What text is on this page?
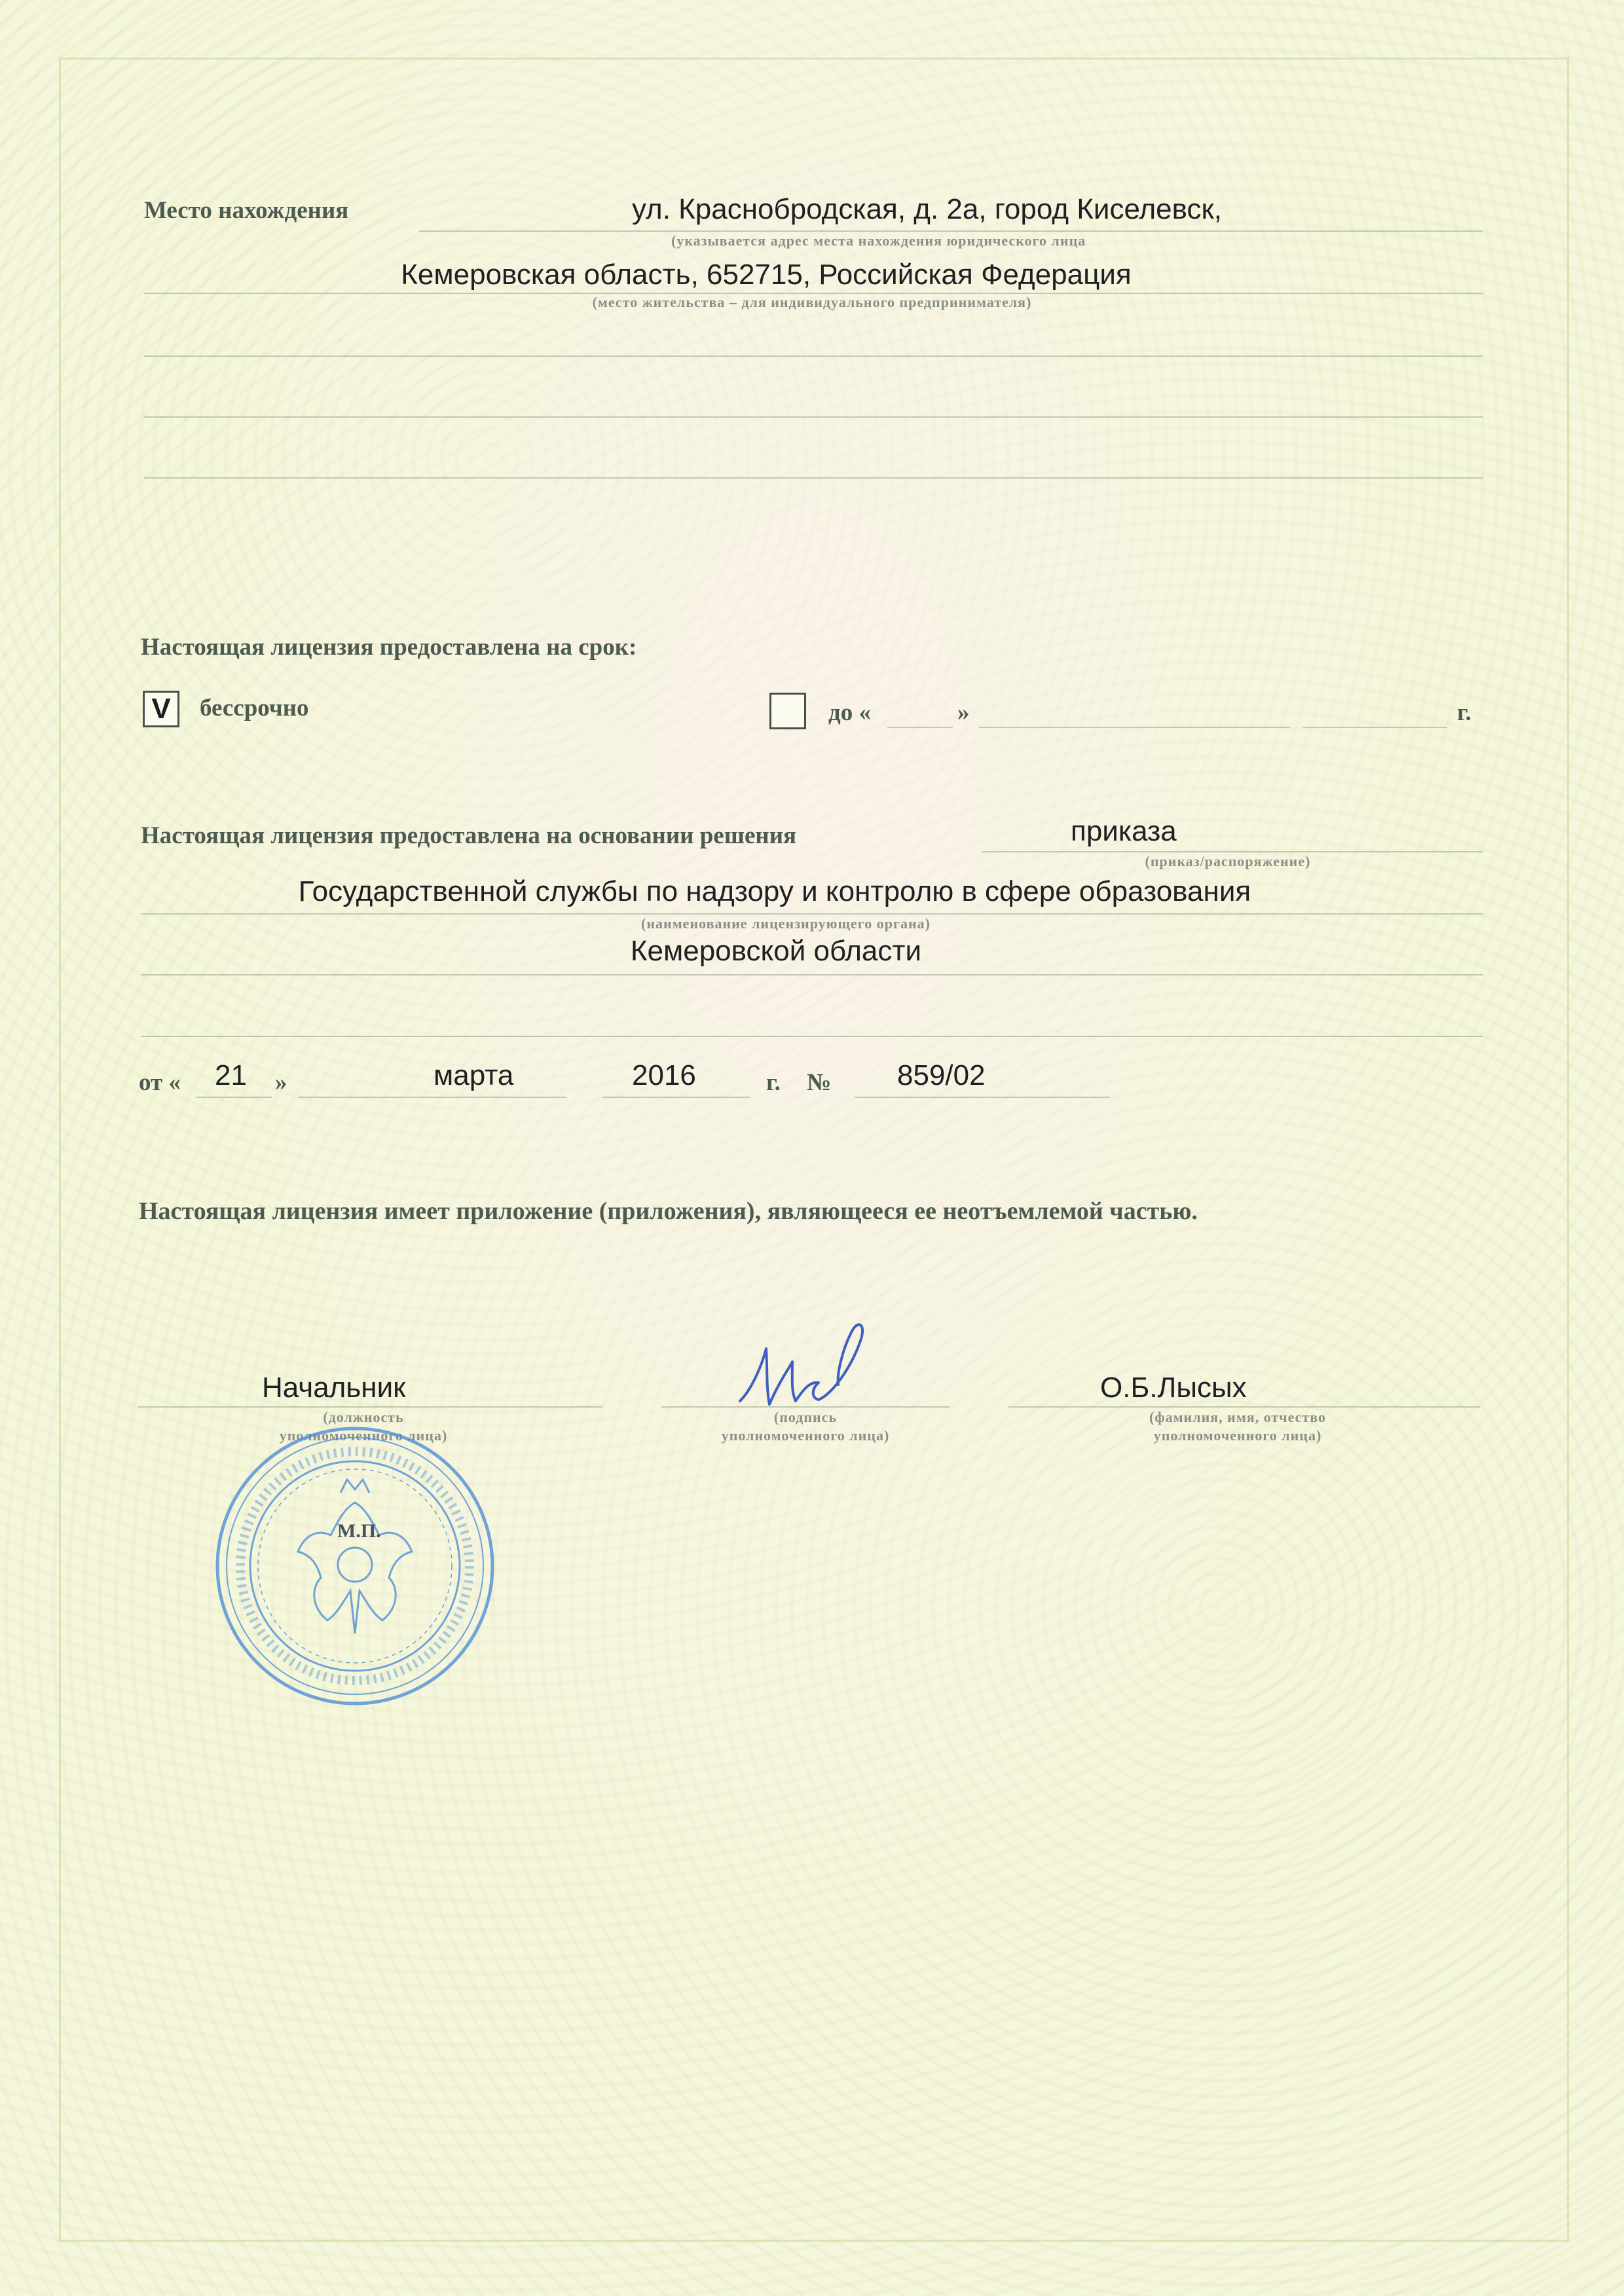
Место нахождения	ул. Краснобродская, д. 2а, город Киселевск,
(указывается адрес места нахождения юридического лица
Кемеровская область, 652715, Российская Федерация
(место жительства – для индивидуального предпринимателя)
Настоящая лицензия предоставлена на срок:
V бессрочно	до «	»	г.
Настоящая лицензия предоставлена на основании решения	приказа
(приказ/распоряжение)
Государственной службы по надзору и контролю в сфере образования
(наименование лицензирующего органа)
Кемеровской области
от « 21 »	марта	2016	г. № 859/02
Настоящая лицензия имеет приложение (приложения), являющееся ее неотъемлемой частью.
Начальник
(должность
уполномоченного лица)
(подпись
уполномоченного лица)
О.Б.Лысых
(фамилия, имя, отчество
уполномоченного лица)
М.П.
